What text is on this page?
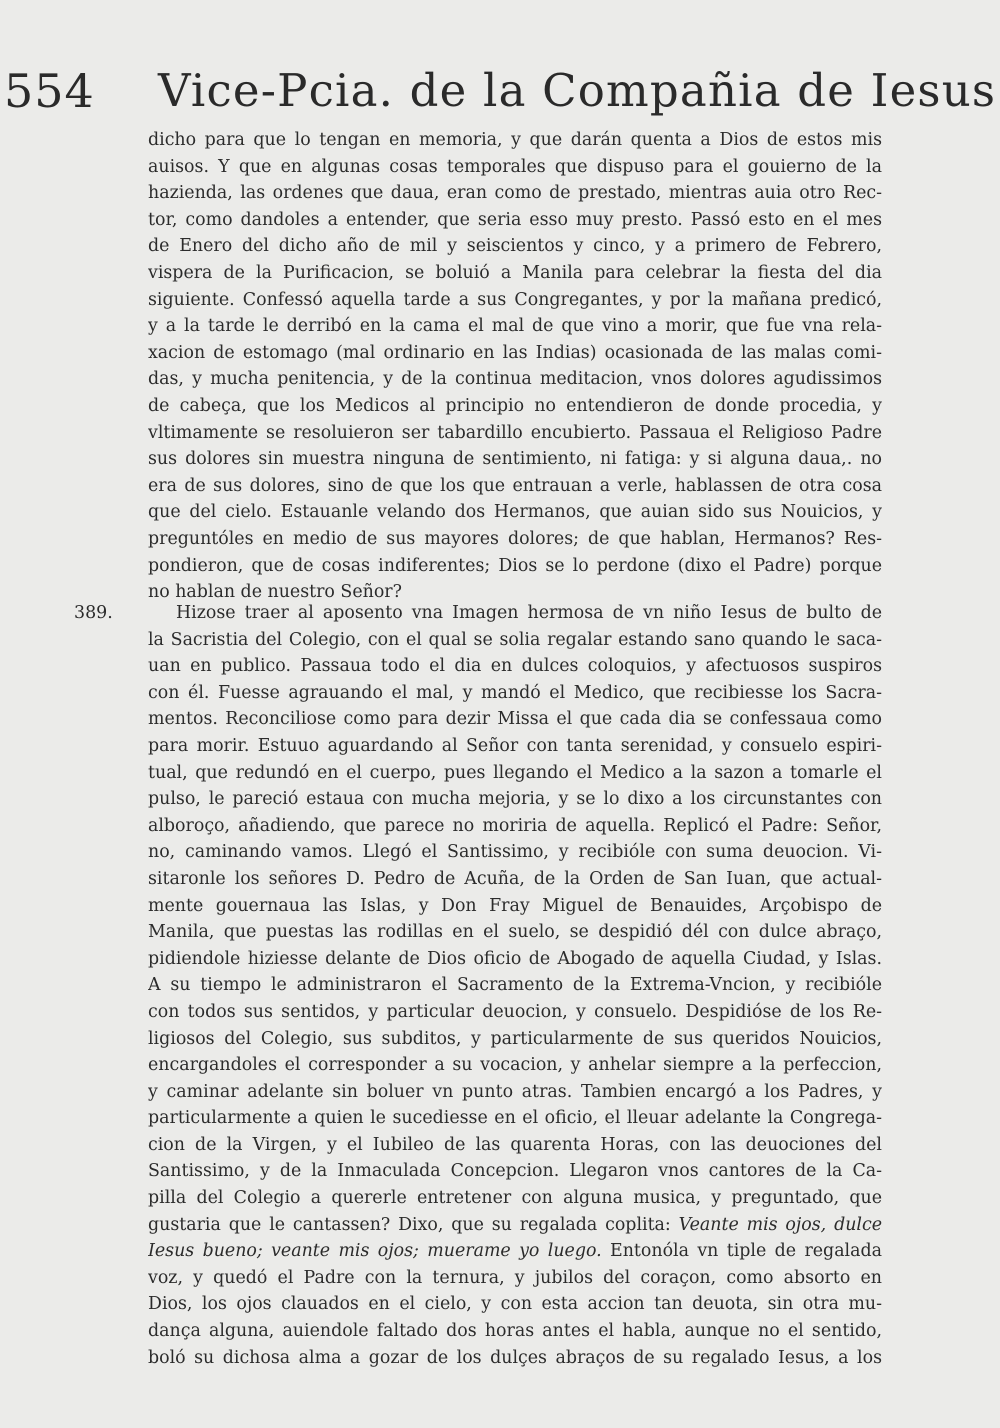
554 Vice-Pcia. de la Compañia de Iesus
dicho para que lo tengan en memoria, y que darán quenta a Dios de estos mis
auisos. Y que en algunas cosas temporales que dispuso para el gouierno de la
hazienda, las ordenes que daua, eran como de prestado, mientras auia otro Rec-
tor, como dandoles a entender, que seria esso muy presto. Passó esto en el mes
de Enero del dicho año de mil y seiscientos y cinco, y a primero de Febrero,
vispera de la Purificacion, se boluió a Manila para celebrar la fiesta del dia
siguiente. Confessó aquella tarde a sus Congregantes, y por la mañana predicó,
y a la tarde le derribó en la cama el mal de que vino a morir, que fue vna rela-
xacion de estomago (mal ordinario en las Indias) ocasionada de las malas comi-
das, y mucha penitencia, y de la continua meditacion, vnos dolores agudissimos
de cabeça, que los Medicos al principio no entendieron de donde procedia, y
vltimamente se resoluieron ser tabardillo encubierto. Passaua el Religioso Padre
sus dolores sin muestra ninguna de sentimiento, ni fatiga: y si alguna daua,. no
era de sus dolores, sino de que los que entrauan a verle, hablassen de otra cosa
que del cielo. Estauanle velando dos Hermanos, que auian sido sus Nouicios, y
preguntóles en medio de sus mayores dolores; de que hablan, Hermanos? Res-
pondieron, que de cosas indiferentes; Dios se lo perdone (dixo el Padre) porque
no hablan de nuestro Señor?
389.	Hizose traer al aposento vna Imagen hermosa de vn niño Iesus de bulto de
la Sacristia del Colegio, con el qual se solia regalar estando sano quando le saca-
uan en publico. Passaua todo el dia en dulces coloquios, y afectuosos suspiros
con él. Fuesse agrauando el mal, y mandó el Medico, que recibiesse los Sacra-
mentos. Reconciliose como para dezir Missa el que cada dia se confessaua como
para morir. Estuuo aguardando al Señor con tanta serenidad, y consuelo espiri-
tual, que redundó en el cuerpo, pues llegando el Medico a la sazon a tomarle el
pulso, le pareció estaua con mucha mejoria, y se lo dixo a los circunstantes con
alboroço, añadiendo, que parece no moriria de aquella. Replicó el Padre: Señor,
no, caminando vamos. Llegó el Santissimo, y recibióle con suma deuocion. Vi-
sitaronle los señores D. Pedro de Acuña, de la Orden de San Iuan, que actual-
mente gouernaua las Islas, y Don Fray Miguel de Benauides, Arçobispo de
Manila, que puestas las rodillas en el suelo, se despidió dél con dulce abraço,
pidiendole hiziesse delante de Dios oficio de Abogado de aquella Ciudad, y Islas.
A su tiempo le administraron el Sacramento de la Extrema-Vncion, y recibióle
con todos sus sentidos, y particular deuocion, y consuelo. Despidióse de los Re-
ligiosos del Colegio, sus subditos, y particularmente de sus queridos Nouicios,
encargandoles el corresponder a su vocacion, y anhelar siempre a la perfeccion,
y caminar adelante sin boluer vn punto atras. Tambien encargó a los Padres, y
particularmente a quien le sucediesse en el oficio, el lleuar adelante la Congrega-
cion de la Virgen, y el Iubileo de las quarenta Horas, con las deuociones del
Santissimo, y de la Inmaculada Concepcion. Llegaron vnos cantores de la Ca-
pilla del Colegio a quererle entretener con alguna musica, y preguntado, que
gustaria que le cantassen? Dixo, que su regalada coplita: Veante mis ojos, dulce
Iesus bueno; veante mis ojos; muerame yo luego. Entonóla vn tiple de regalada
voz, y quedó el Padre con la ternura, y jubilos del coraçon, como absorto en
Dios, los ojos clauados en el cielo, y con esta accion tan deuota, sin otra mu-
dança alguna, auiendole faltado dos horas antes el habla, aunque no el sentido,
boló su dichosa alma a gozar de los dulçes abraços de su regalado Iesus, a los
